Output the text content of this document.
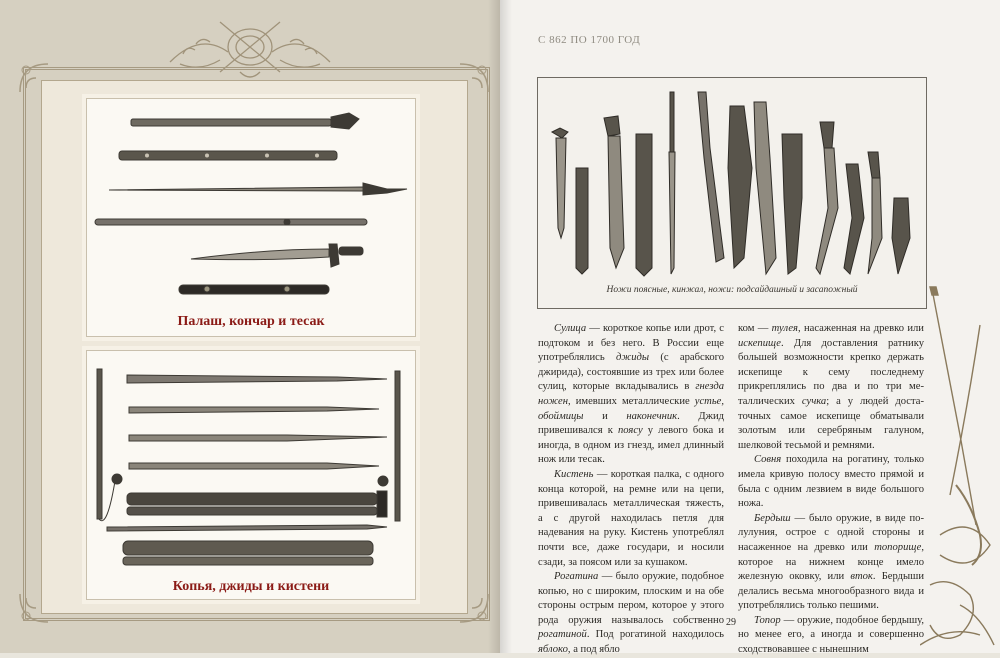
Палаш, кончар и тесак
Копья, джиды и кистени
С 862 ПО 1700 ГОД
Ножи поясные, кинжал, ножи: подсайдашный и засапожный

Сулица — короткое копье или дрот, с подтоком и без него. В России еще употреблялись джиды (с арабского джирида), состоявшие из трех или более сулиц, которые вкладывались в гнезда ножен, имевших металлические устье, обоймицы и наконечник. Джид привешивался к поясу у левого бока и иногда, в одном из гнезд, имел длинный нож или тесак.

Кистень — короткая палка, с одного конца которой, на ремне или на цепи, привешивалась металлическая тяжесть, а с другой находилась петля для надевания на руку. Кистень употреблял почти все, даже государи, и носили сзади, за поясом или за кушаком.

Рогатина — было оружие, подобное копью, но с широким, плоским и на обе стороны острым пером, которое у этого рода оружия называлось собственно рогатиной. Под рогатиной находилось яблоко, а под ябло

ком — тулея, насаженная на древко или искепище. Для доставления ратнику большей возможности крепко держать искепище к сему последнему прикреплялись по два и по три металлических сучка; а у людей достаточных самое искепище обматывали золотым или серебряным галуном, шелковой тесьмой и ремнями.

Совня походила на рогатину, только имела кривую полосу вместо прямой и была с одним лезвием в виде большого ножа.

Бердыш — было оружие, в виде полулуния, острое с одной стороны и насаженное на древко или топорище, которое на нижнем конце имело железную оковку, или вток. Бердыши делались весьма многообразного вида и употреблялись только пешими.

Топор — оружие, подобное бердышу, но менее его, а иногда и совершенно сходствовавшее с нынешним

29
